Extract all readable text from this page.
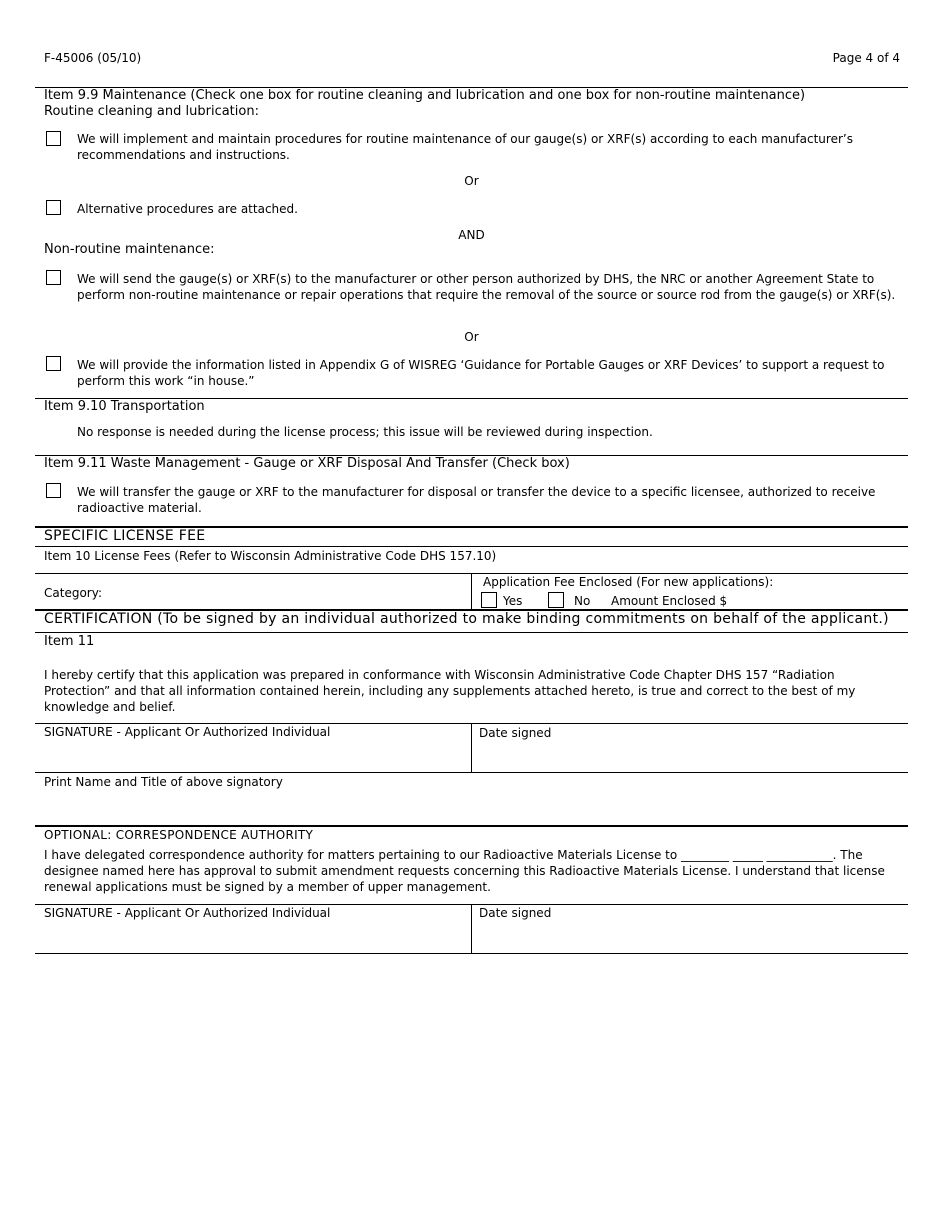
F-45006 (05/10)	Page 4 of 4
Item 9.9 Maintenance (Check one box for routine cleaning and lubrication and one box for non-routine maintenance)
Routine cleaning and lubrication:
We will implement and maintain procedures for routine maintenance of our gauge(s) or XRF(s) according to each manufacturer’s recommendations and instructions.
Or
Alternative procedures are attached.
AND
Non-routine maintenance:
We will send the gauge(s) or XRF(s) to the manufacturer or other person authorized by DHS, the NRC or another Agreement State to perform non-routine maintenance or repair operations that require the removal of the source or source rod from the gauge(s) or XRF(s).
Or
We will provide the information listed in Appendix G of WISREG ‘Guidance for Portable Gauges or XRF Devices’ to support a request to perform this work “in house.”
Item 9.10 Transportation
No response is needed during the license process; this issue will be reviewed during inspection.
Item 9.11 Waste Management - Gauge or XRF Disposal And Transfer (Check box)
We will transfer the gauge or XRF to the manufacturer for disposal or transfer the device to a specific licensee, authorized to receive radioactive material.
SPECIFIC LICENSE FEE
Item 10 License Fees (Refer to Wisconsin Administrative Code DHS 157.10)
Category:
Application Fee Enclosed (For new applications):
Yes	No Amount Enclosed $
CERTIFICATION (To be signed by an individual authorized to make binding commitments on behalf of the applicant.)
Item 11
I hereby certify that this application was prepared in conformance with Wisconsin Administrative Code Chapter DHS 157 “Radiation Protection” and that all information contained herein, including any supplements attached hereto, is true and correct to the best of my knowledge and belief.
SIGNATURE - Applicant Or Authorized Individual	Date signed
Print Name and Title of above signatory
OPTIONAL: CORRESPONDENCE AUTHORITY
I have delegated correspondence authority for matters pertaining to our Radioactive Materials License to ________ _____ ___________. The designee named here has approval to submit amendment requests concerning this Radioactive Materials License. I understand that license renewal applications must be signed by a member of upper management.
SIGNATURE - Applicant Or Authorized Individual	Date signed
